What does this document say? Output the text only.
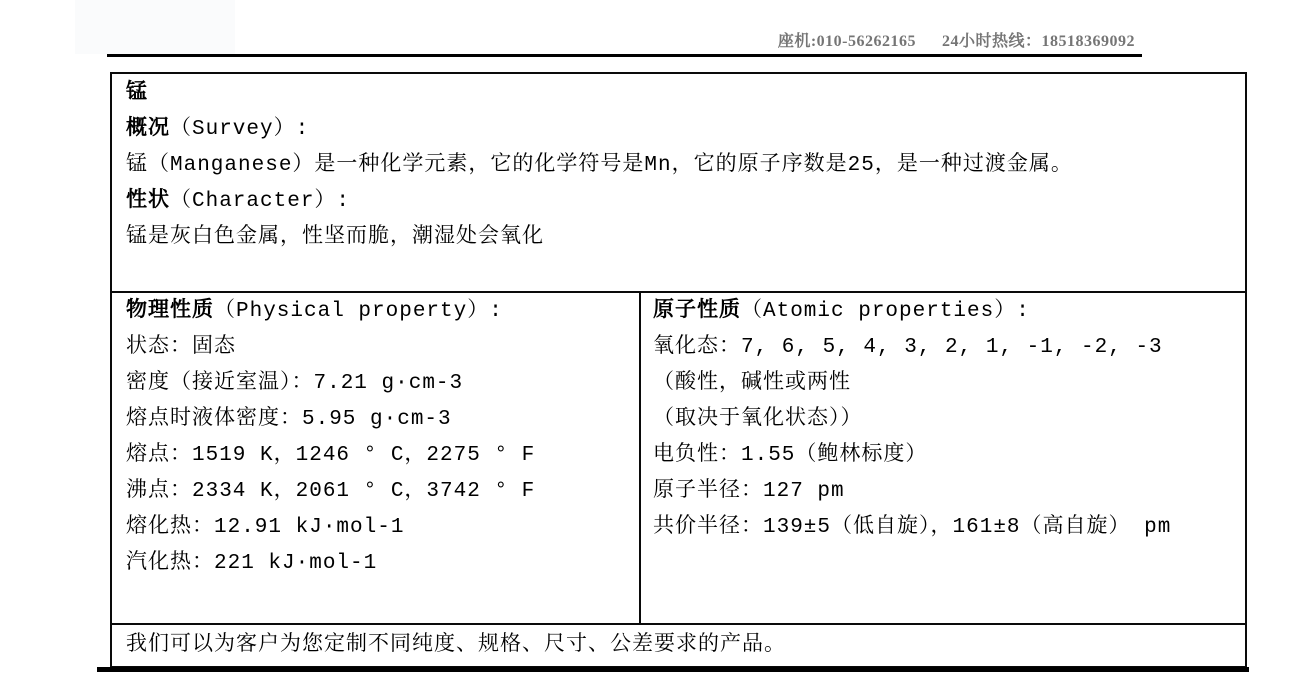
座机:010-56262165 24小时热线：18518369092
锰
概况（Survey）:
锰（Manganese）是一种化学元素，它的化学符号是Mn，它的原子序数是25，是一种过渡金属。
性状（Character）:
锰是灰白色金属，性坚而脆，潮湿处会氧化
物理性质（Physical property）:
状态：固态
密度（接近室温）：7.21 g·cm-3
熔点时液体密度：5.95 g·cm-3
熔点：1519 K，1246 ° C，2275 ° F
沸点：2334 K，2061 ° C，3742 ° F
熔化热：12.91 kJ·mol-1
汽化热：221 kJ·mol-1
原子性质（Atomic properties）:
氧化态：7, 6, 5, 4, 3, 2, 1, -1, -2, -3
（酸性，碱性或两性
（取决于氧化状态））
电负性：1.55（鲍林标度）
原子半径：127 pm
共价半径：139±5（低自旋），161±8（高自旋） pm
我们可以为客户为您定制不同纯度、规格、尺寸、公差要求的产品。
